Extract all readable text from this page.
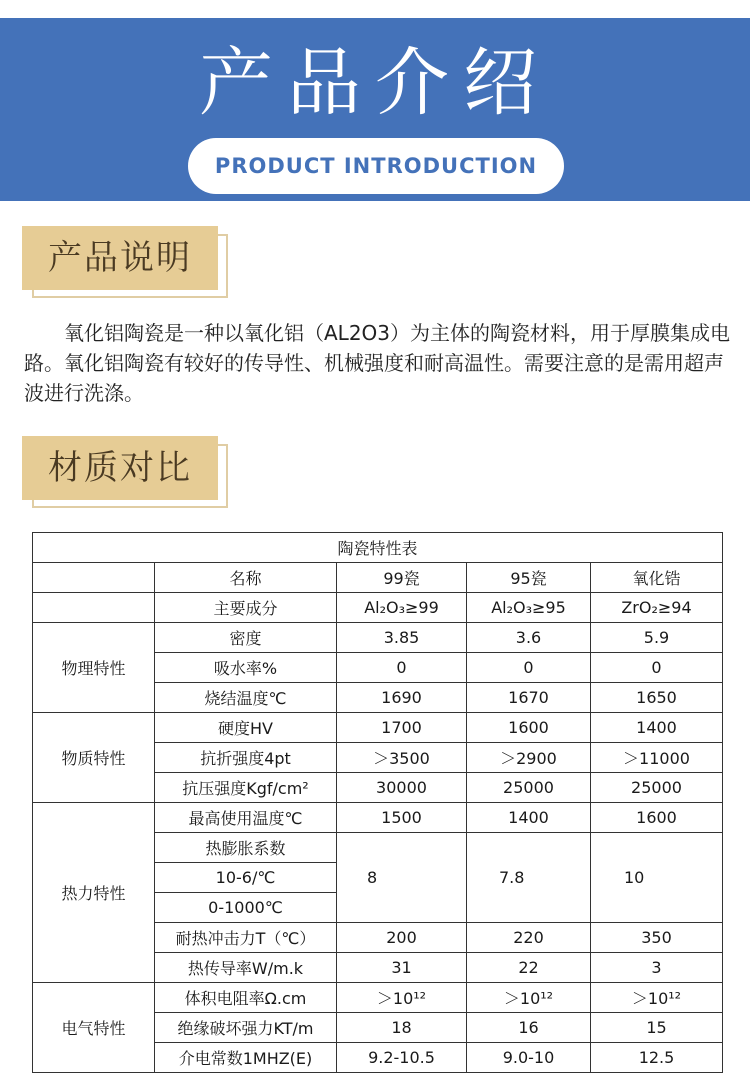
产品介绍
PRODUCT INTRODUCTION
产品说明

氧化铝陶瓷是一种以氧化铝（AL2O3）为主体的陶瓷材料，用于厚膜集成电路。氧化铝陶瓷有较好的传导性、机械强度和耐高温性。需要注意的是需用超声波进行洗涤。

材质对比
陶瓷特性表				
	名称	99瓷	95瓷	氧化锆
	主要成分	Al₂O₃≥99	Al₂O₃≥95	ZrO₂≥94
物理特性	密度	3.85	3.6	5.9
	吸水率%	0	0	0
	烧结温度℃	1690	1670	1650
物质特性	硬度HV	1700	1600	1400
	抗折强度4pt	＞3500	＞2900	＞11000
	抗压强度Kgf/cm²	30000	25000	25000
热力特性	最高使用温度℃	1500	1400	1600
	热膨胀系数	8	7.8	10
	10-6/℃			
	0-1000℃			
	耐热冲击力T（℃）	200	220	350
	热传导率W/m.k	31	22	3
电气特性	体积电阻率Ω.cm	＞10¹²	＞10¹²	＞10¹²
	绝缘破坏强力KT/m	18	16	15
	介电常数1MHZ(E)	9.2-10.5	9.0-10	12.5
